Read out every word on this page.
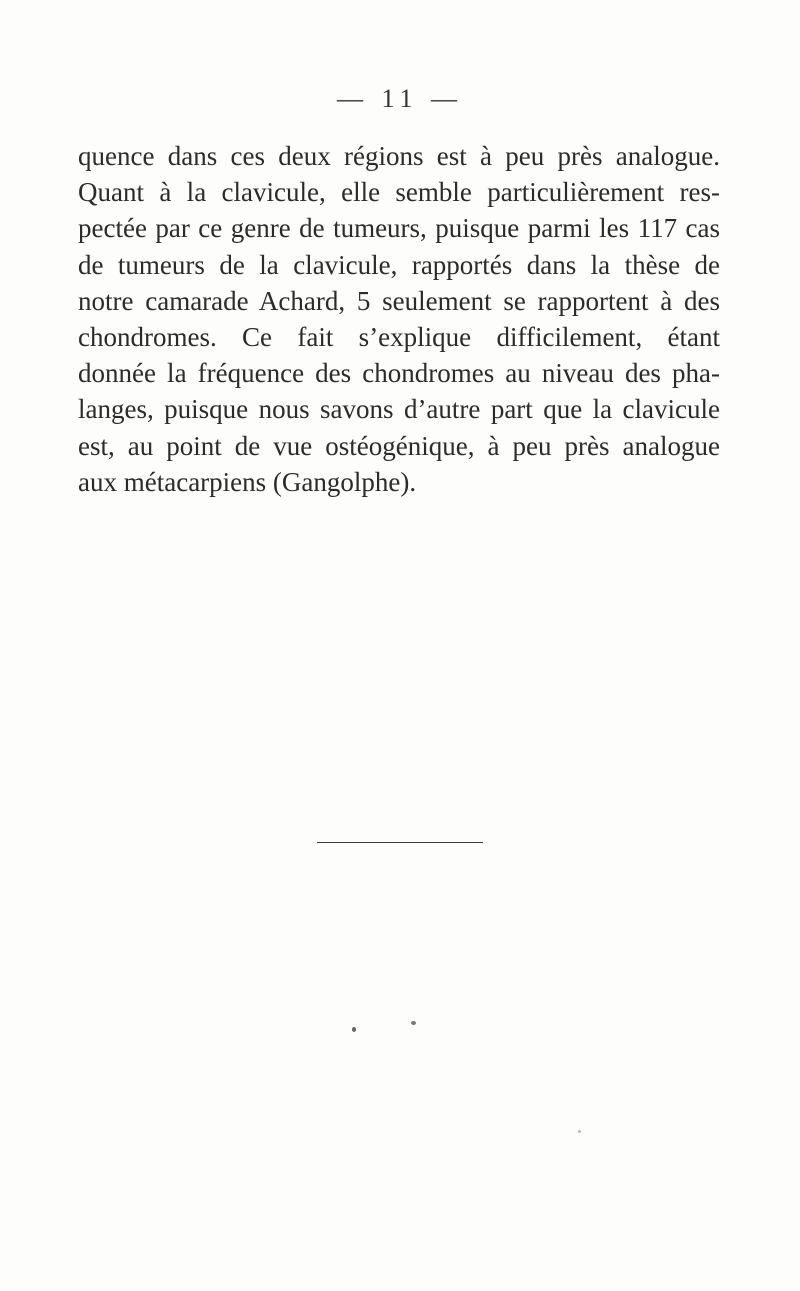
— 11 —
quence dans ces deux régions est à peu près analogue.
Quant à la clavicule, elle semble particulièrement res-
pectée par ce genre de tumeurs, puisque parmi les 117 cas
de tumeurs de la clavicule, rapportés dans la thèse de
notre camarade Achard, 5 seulement se rapportent à des
chondromes. Ce fait s’explique difficilement, étant
donnée la fréquence des chondromes au niveau des pha-
langes, puisque nous savons d’autre part que la clavicule
est, au point de vue ostéogénique, à peu près analogue
aux métacarpiens (Gangolphe).
